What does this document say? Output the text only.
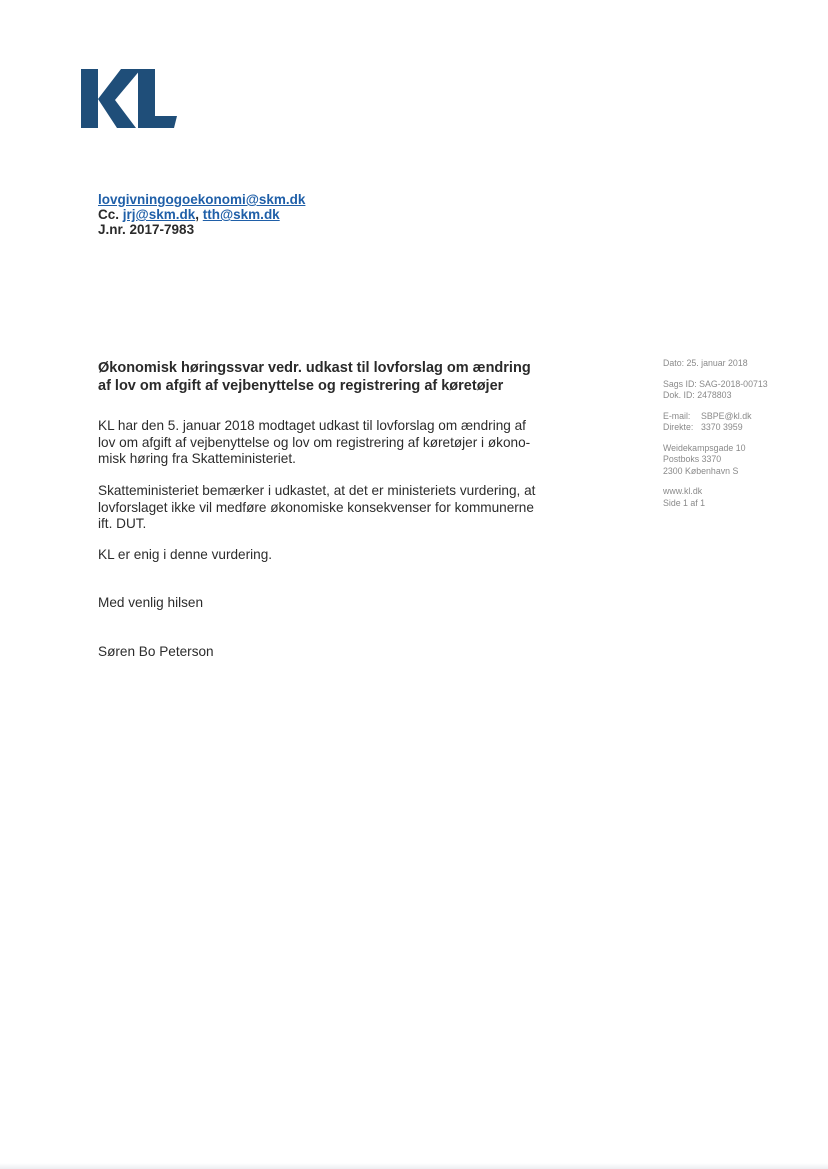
lovgivningogoekonomi@skm.dk
Cc. jrj@skm.dk, tth@skm.dk
J.nr. 2017-7983
Økonomisk høringssvar vedr. udkast til lovforslag om ændring
af lov om afgift af vejbenyttelse og registrering af køretøjer
KL har den 5. januar 2018 modtaget udkast til lovforslag om ændring af
lov om afgift af vejbenyttelse og lov om registrering af køretøjer i økono-
misk høring fra Skatteministeriet.
Skatteministeriet bemærker i udkastet, at det er ministeriets vurdering, at
lovforslaget ikke vil medføre økonomiske konsekvenser for kommunerne
ift. DUT.
KL er enig i denne vurdering.
Med venlig hilsen
Søren Bo Peterson
Dato: 25. januar 2018
Sags ID: SAG-2018-00713
Dok. ID: 2478803
E-mail: SBPE@kl.dk
Direkte: 3370 3959
Weidekampsgade 10
Postboks 3370
2300 København S
www.kl.dk
Side 1 af 1
